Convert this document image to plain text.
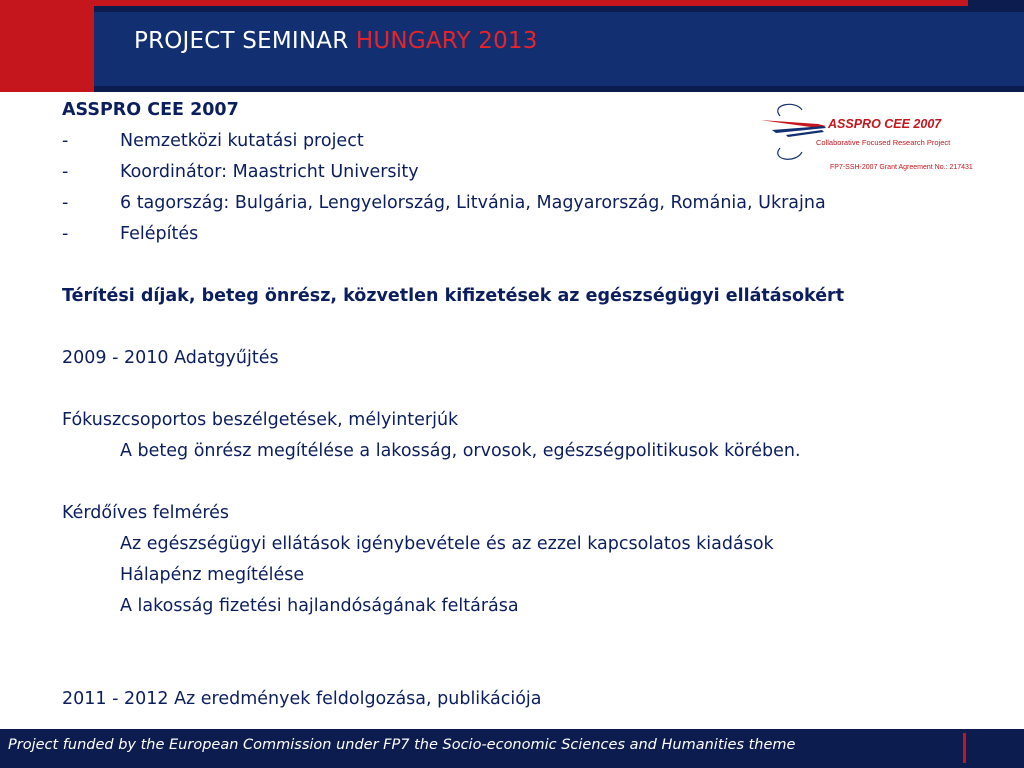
PROJECT SEMINAR HUNGARY 2013
ASSPRO CEE 2007
Collaborative Focused Research Project
FP7-SSH-2007 Grant Agreement No.: 217431
ASSPRO CEE 2007
-	Nemzetközi kutatási project
-	Koordinátor: Maastricht University
-	6 tagország: Bulgária, Lengyelország, Litvánia, Magyarország, Románia, Ukrajna
-	Felépítés
Térítési díjak, beteg önrész, közvetlen kifizetések az egészségügyi ellátásokért
2009 - 2010 Adatgyűjtés
Fókuszcsoportos beszélgetések, mélyinterjúk
A beteg önrész megítélése a lakosság, orvosok, egészségpolitikusok körében.
Kérdőíves felmérés
Az egészségügyi ellátások igénybevétele és az ezzel kapcsolatos kiadások
Hálapénz megítélése
A lakosság fizetési hajlandóságának feltárása
2011 - 2012 Az eredmények feldolgozása, publikációja
Project funded by the European Commission under FP7 the Socio-economic Sciences and Humanities theme
